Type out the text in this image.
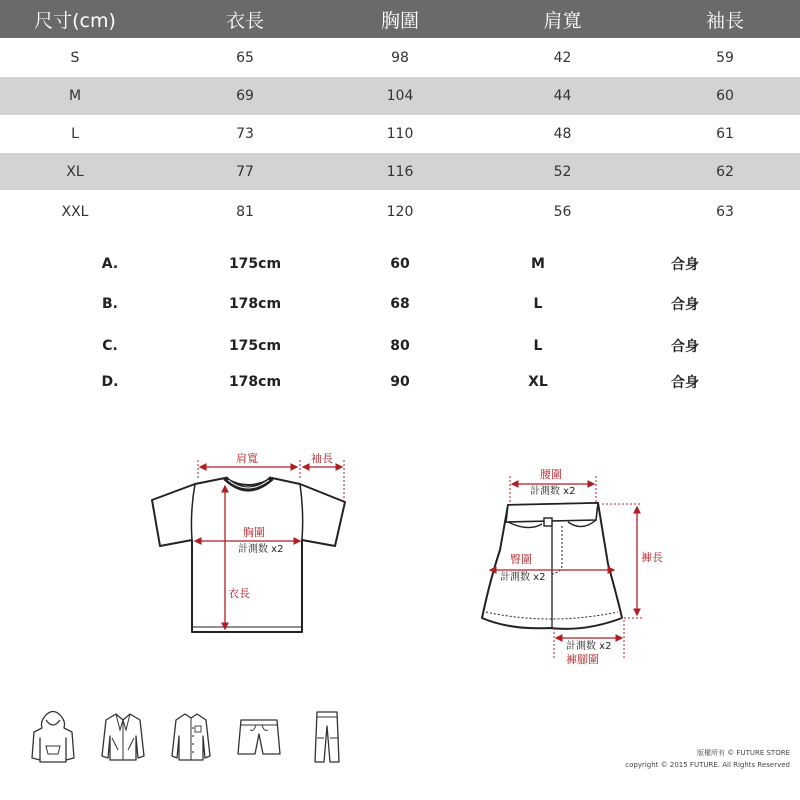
尺寸(cm)	衣長	胸圍	肩寬	袖長
S	65	98	42	59
M	69	104	44	60
L	73	110	48	61
XL	77	116	52	62
XXL	81	120	56	63
A.	175cm	60	M	合身
B.	178cm	68	L	合身
C.	175cm	80	L	合身
D.	178cm	90	XL	合身
肩寬	袖長
胸圍
計測数 x2
衣長
腰圍
計測数 x2
臀圍
計測数 x2
褲長
計測数 x2
褲腳圍
版權所有 © FUTURE STORE
copyright © 2015 FUTURE. All Rights Reserved
